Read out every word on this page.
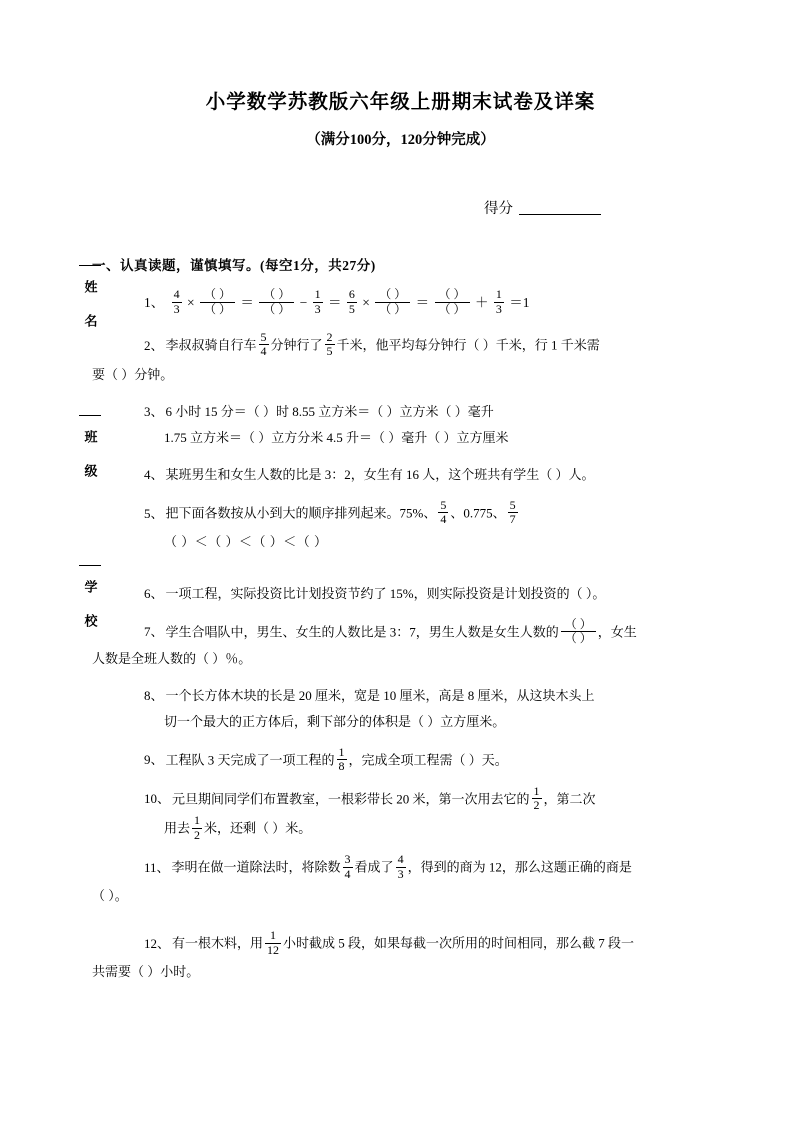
姓 名
班 级
学 校
小学数学苏教版六年级上册期末试卷及详案
（满分100分，120分钟完成）
得分
一、认真读题，谨慎填写。(每空1分，共27分)
1、 $\frac{4}{3}$ ×
（ ）
（ ） ＝
（ ）
（ ） − $\frac{1}{3} = \frac{6}{5}$ ×
（ ）
（ ） ＝
（ ）
（ ） ＋ $\frac{1}{3} =1$
2、 李叔叔骑自行车 $\frac{5}{4}$ 分钟行了 $\frac{2}{5}$ 千米，他平均每分钟行（ ）千米，行 1 千米需
要（ ）分钟。
3、 6 小时 15 分＝（ ）时 8.55 立方米＝（ ）立方米（ ）毫升
1.75 立方米＝（ ）立方分米 4.5 升＝（ ）毫升（ ）立方厘米
4、 某班男生和女生人数的比是 3：2，女生有 16 人，这个班共有学生（ ）人。
5、 把下面各数按从小到大的顺序排列起来。75%、 $\frac{5}{4}$ 、0.775、 $\frac{5}{7}$
（ ）＜（ ）＜（ ）＜（ ）
6、 一项工程，实际投资比计划投资节约了 15%，则实际投资是计划投资的（ ）。
7、 学生合唱队中，男生、女生的人数比是 3：7，男生人数是女生人数的
（ ）
（ ） ，女生
人数是全班人数的（ ）％。
8、 一个长方体木块的长是 20 厘米，宽是 10 厘米，高是 8 厘米，从这块木头上
切一个最大的正方体后，剩下部分的体积是（ ）立方厘米。
9、 工程队 3 天完成了一项工程的 $\frac{1}{8}$ ，完成全项工程需（ ）天。
10、 元旦期间同学们布置教室，一根彩带长 20 米，第一次用去它的 $\frac{1}{2}$ ，第二次
用去 $\frac{1}{2}$ 米，还剩（ ）米。
11、 李明在做一道除法时，将除数 $\frac{3}{4}$ 看成了 $\frac{4}{3}$ ，得到的商为 12，那么这题正确的商是
（ ）。
12、 有一根木料，用 $\frac{1}{12}$ 小时截成 5 段，如果每截一次所用的时间相同，那么截 7 段一
共需要（ ）小时。
